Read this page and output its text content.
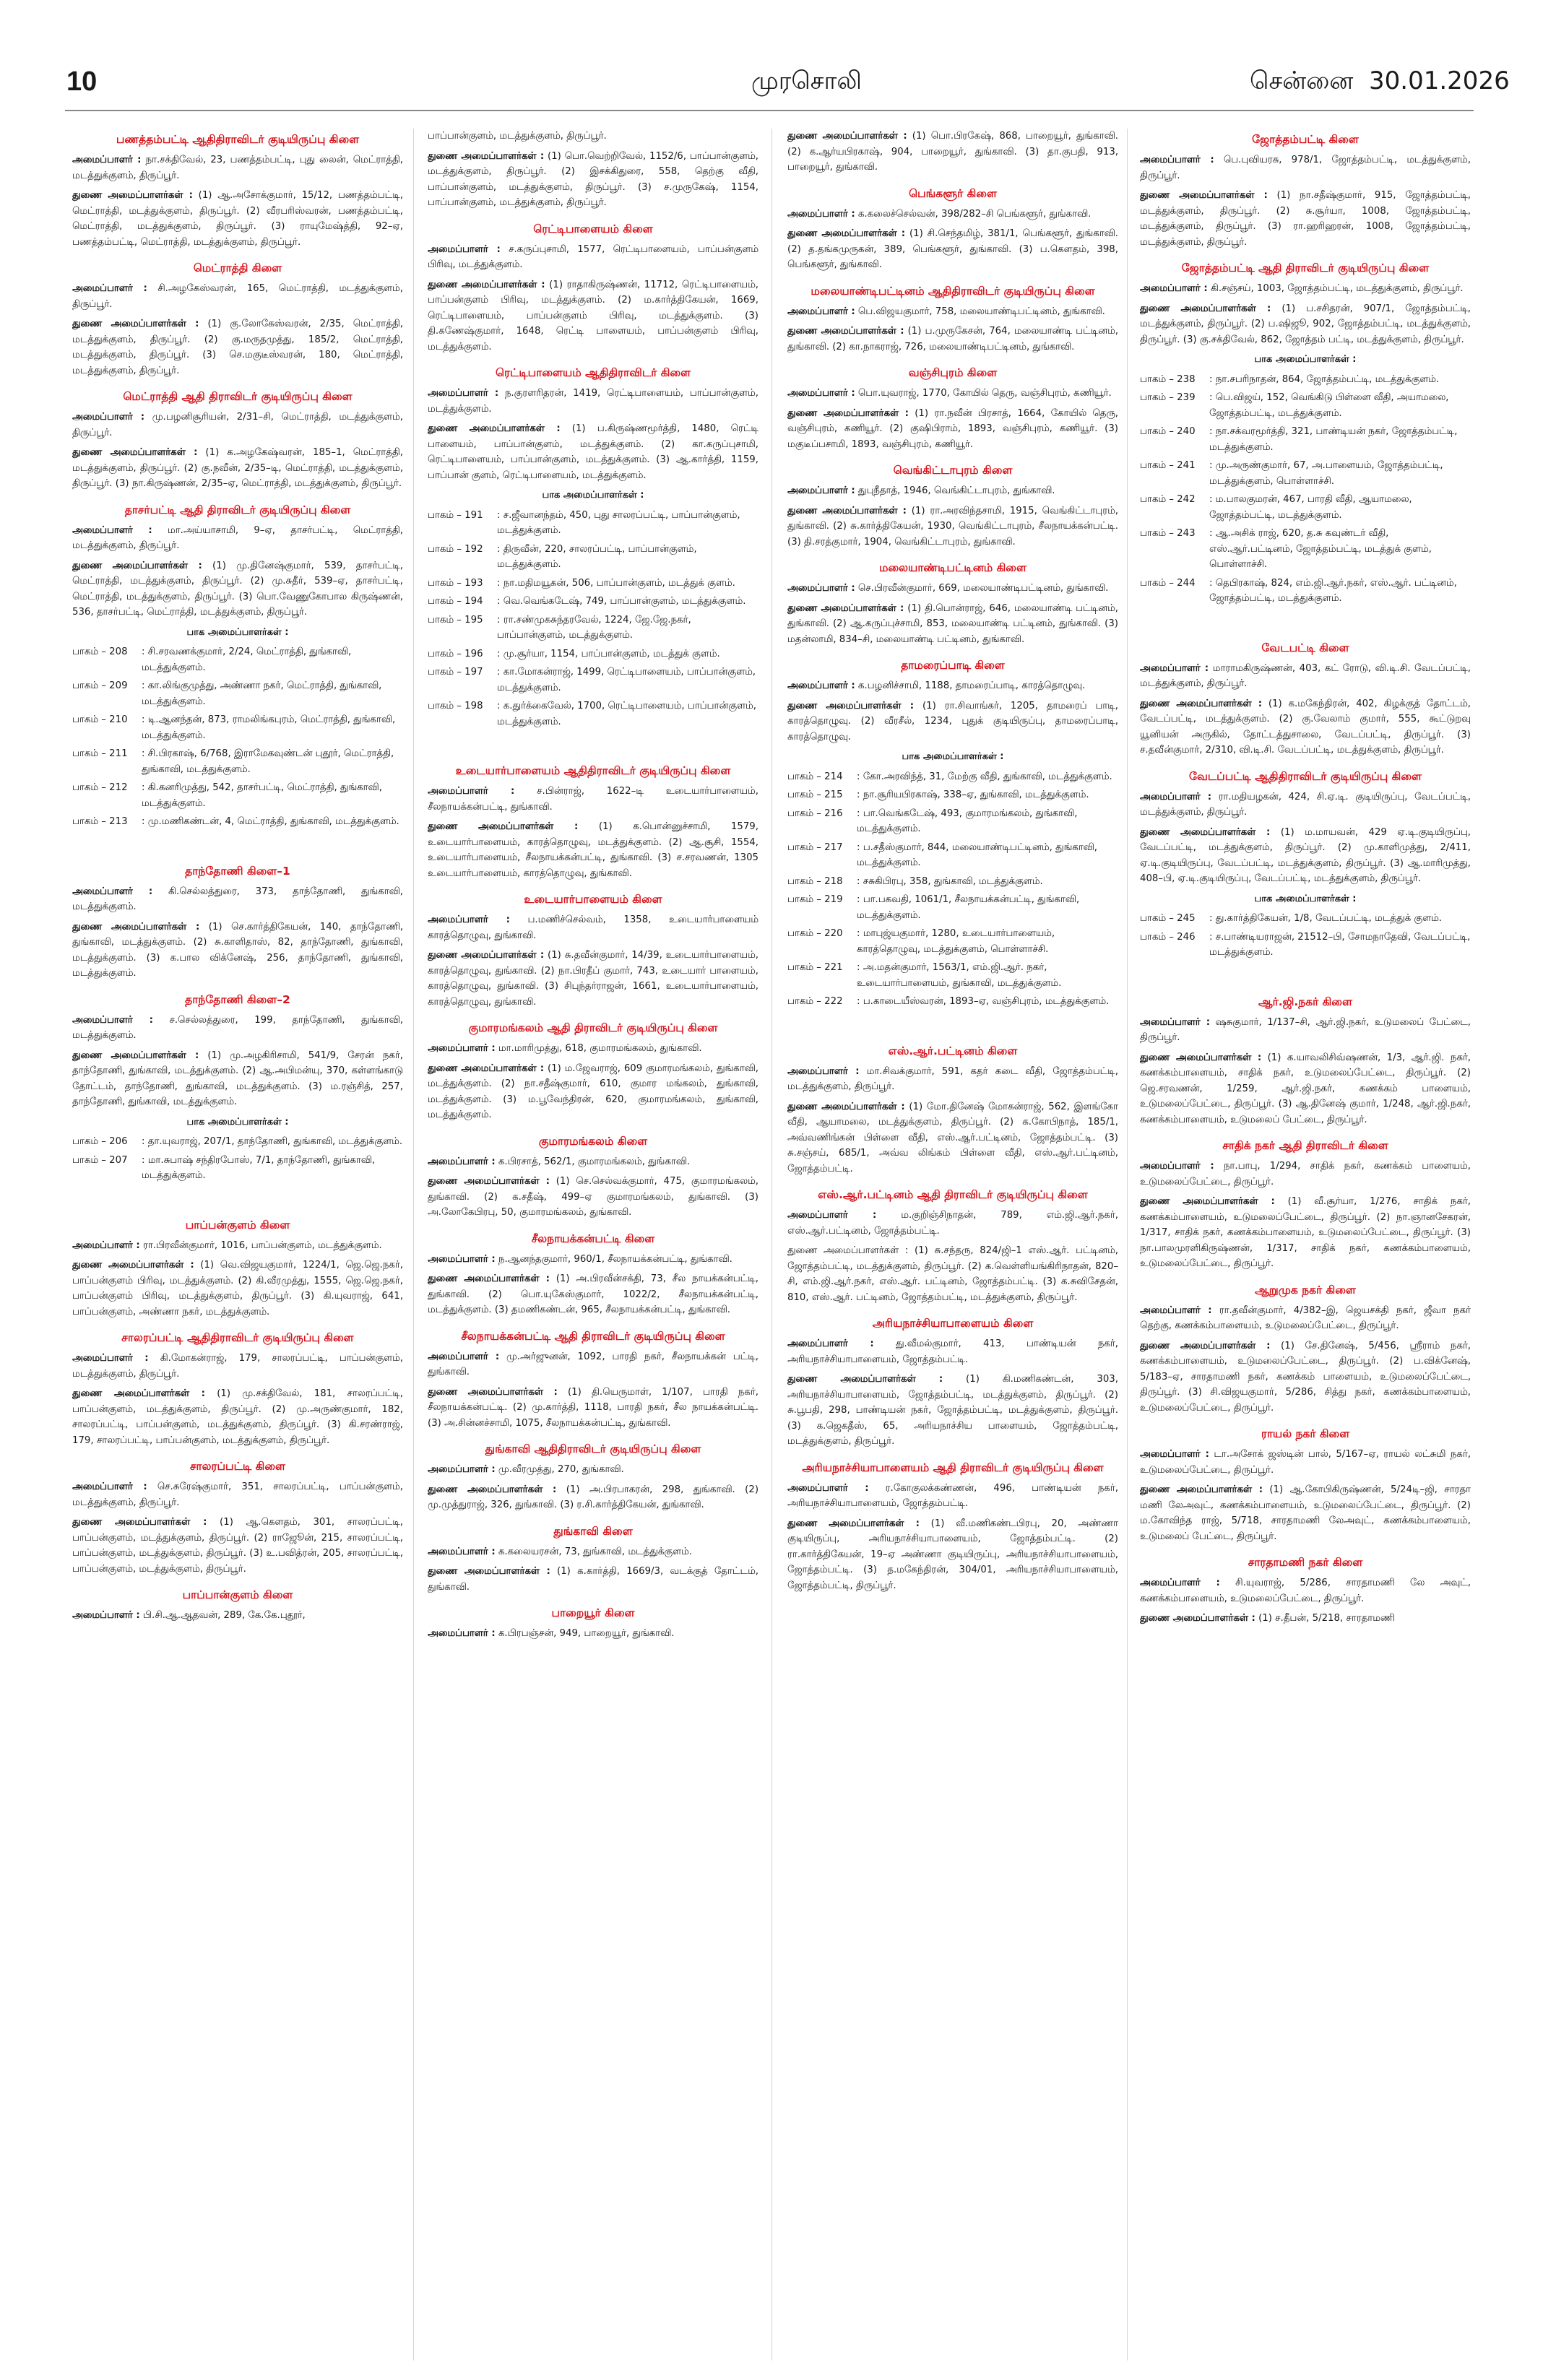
10	முரசொலி	சென்னை 30.01.2026
பணத்தம்பட்டி ஆதிதிராவிடர் குடியிருப்பு கிளை
அமைப்பாளர் : நா.சக்திவேல், 23, பணத்தம்பட்டி, புது லைன், மெட்ராத்தி, மடத்துக்குளம், திருப்பூர்.
துணை அமைப்பாளர்கள் : (1) ஆ.அசோக்குமார், 15/12, பணத்தம்பட்டி, மெட்ராத்தி, மடத்துக்குளம், திருப்பூர். (2) வீரபரிஸ்வரன், பணத்தம்பட்டி, மெட்ராத்தி, மடத்துக்குளம், திருப்பூர். (3) ராயுமேஷ்த்தி, 92–ஏ, பணத்தம்பட்டி, மெட்ராத்தி, மடத்துக்குளம், திருப்பூர்.
மெட்ராத்தி கிளை
அமைப்பாளர் : சி.அழகேஸ்வரன், 165, மெட்ராத்தி, மடத்துக்குளம், திருப்பூர்.
துணை அமைப்பாளர்கள் : (1) கு.லோகேஸ்வரன், 2/35, மெட்ராத்தி, மடத்துக்குளம், திருப்பூர். (2) கு.மருதமுத்து, 185/2, மெட்ராத்தி, மடத்துக்குளம், திருப்பூர். (3) செ.மகுடீஸ்வரன், 180, மெட்ராத்தி, மடத்துக்குளம், திருப்பூர்.
மெட்ராத்தி ஆதி திராவிடர் குடியிருப்பு கிளை
அமைப்பாளர் : மு.பழனிசூரியன், 2/31–சி, மெட்ராத்தி, மடத்துக்குளம், திருப்பூர்.
துணை அமைப்பாளர்கள் : (1) க.அழகேஷ்வரன், 185–1, மெட்ராத்தி, மடத்துக்குளம், திருப்பூர். (2) கு.நவீன், 2/35–டி, மெட்ராத்தி, மடத்துக்குளம், திருப்பூர். (3) நா.கிருஷ்ணன், 2/35–ஏ, மெட்ராத்தி, மடத்துக்குளம், திருப்பூர்.
தாசர்பட்டி ஆதி திராவிடர் குடியிருப்பு கிளை
அமைப்பாளர் : மா.அய்யாசாமி, 9–ஏ, தாசர்பட்டி, மெட்ராத்தி, மடத்துக்குளம், திருப்பூர்.
துணை அமைப்பாளர்கள் : (1) மு.தினேஷ்குமார், 539, தாசர்பட்டி, மெட்ராத்தி, மடத்துக்குளம், திருப்பூர். (2) மு.சுதீர், 539–ஏ, தாசர்பட்டி, மெட்ராத்தி, மடத்துக்குளம், திருப்பூர். (3) பொ.வேணுகோபால கிருஷ்ணன், 536, தாசர்பட்டி, மெட்ராத்தி, மடத்துக்குளம், திருப்பூர்.
பாக அமைப்பாளர்கள் :
பாகம் – 208	: சி.சரவணக்குமார், 2/24, மெட்ராத்தி, துங்காவி, மடத்துக்குளம்.
பாகம் – 209	: கா.லிங்குமுத்து, அண்ணா நகர், மெட்ராத்தி, துங்காவி, மடத்துக்குளம்.
பாகம் – 210	: டி.ஆனந்தன், 873, ராமலிங்கபுரம், மெட்ராத்தி, துங்காவி, மடத்துக்குளம்.
பாகம் – 211	: சி.பிரகாஷ், 6/768, இராமேகவுண்டன் புதூர், மெட்ராத்தி, துங்காவி, மடத்துக்குளம்.
பாகம் – 212	: கி.கனரிமுத்து, 542, தாசர்பட்டி, மெட்ராத்தி, துங்காவி, மடத்துக்குளம்.
பாகம் – 213	: மு.மணிகண்டன், 4, மெட்ராத்தி, துங்காவி, மடத்துக்குளம்.
தாந்தோணி கிளை–1
அமைப்பாளர் : கி.செல்லத்துரை, 373, தாந்தோணி, துங்காவி, மடத்துக்குளம்.
துணை அமைப்பாளர்கள் : (1) செ.கார்த்திகேயன், 140, தாந்தோணி, துங்காவி, மடத்துக்குளம். (2) சு.காளிதாஸ், 82, தாந்தோணி, துங்காவி, மடத்துக்குளம். (3) க.பால விக்னேஷ், 256, தாந்தோணி, துங்காவி, மடத்துக்குளம்.
தாந்தோணி கிளை–2
அமைப்பாளர் : ச.செல்லத்துரை, 199, தாந்தோணி, துங்காவி, மடத்துக்குளம்.
துணை அமைப்பாளர்கள் : (1) மு.அழகிரிசாமி, 541/9, சேரன் நகர், தாந்தோணி, துங்காவி, மடத்துக்குளம். (2) ஆ.அபிமன்யு, 370, கள்ளங்காடு தோட்டம், தாந்தோணி, துங்காவி, மடத்துக்குளம். (3) ம.ரஞ்சித், 257, தாந்தோணி, துங்காவி, மடத்துக்குளம்.
பாக அமைப்பாளர்கள் :
பாகம் – 206	: தா.யுவராஜ், 207/1, தாந்தோணி, துங்காவி, மடத்துக்குளம்.
பாகம் – 207	: மா.சுபாஷ் சந்திரபோஸ், 7/1, தாந்தோணி, துங்காவி, மடத்துக்குளம்.
பாப்பன்குளம் கிளை
அமைப்பாளர் : ரா.பிரவீன்குமார், 1016, பாப்பன்குளம், மடத்துக்குளம்.
துணை அமைப்பாளர்கள் : (1) வெ.விஜயகுமார், 1224/1, ஜெ.ஜெ.நகர், பாப்பன்குளம் பிரிவு, மடத்துக்குளம். (2) கி.வீரமுத்து, 1555, ஜெ.ஜெ.நகர், பாப்பன்குளம் பிரிவு, மடத்துக்குளம், திருப்பூர். (3) கி.யுவராஜ், 641, பாப்பன்குளம், அண்ணா நகர், மடத்துக்குளம்.
சாலரப்பட்டி ஆதிதிராவிடர் குடியிருப்பு கிளை
அமைப்பாளர் : கி.மோகன்ராஜ், 179, சாலரப்பட்டி, பாப்பன்குளம், மடத்துக்குளம், திருப்பூர்.
துணை அமைப்பாளர்கள் : (1) மு.சக்திவேல், 181, சாலரப்பட்டி, பாப்பன்குளம், மடத்துக்குளம், திருப்பூர். (2) மு.அருண்குமார், 182, சாலரப்பட்டி, பாப்பன்குளம், மடத்துக்குளம், திருப்பூர். (3) கி.சரண்ராஜ், 179, சாலரப்பட்டி, பாப்பன்குளம், மடத்துக்குளம், திருப்பூர்.
சாலரப்பட்டி கிளை
அமைப்பாளர் : செ.சுரேஷ்குமார், 351, சாலரப்பட்டி, பாப்பன்குளம், மடத்துக்குளம், திருப்பூர்.
துணை அமைப்பாளர்கள் : (1) ஆ.கௌதம், 301, சாலரப்பட்டி, பாப்பன்குளம், மடத்துக்குளம், திருப்பூர். (2) ராஜூேன், 215, சாலரப்பட்டி, பாப்பன்குளம், மடத்துக்குளம், திருப்பூர். (3) உ.பவித்ரன், 205, சாலரப்பட்டி, பாப்பன்குளம், மடத்துக்குளம், திருப்பூர்.
பாப்பான்குளம் கிளை
அமைப்பாளர் : பி.சி.ஆ.ஆதவன், 289, கே.கே.புதூர்,
பாப்பான்குளம், மடத்துக்குளம், திருப்பூர்.
துணை அமைப்பாளர்கள் : (1) பொ.வெற்றிவேல், 1152/6, பாப்பான்குளம், மடத்துக்குளம், திருப்பூர். (2) இசக்கிதுரை, 558, தெற்கு வீதி, பாப்பான்குளம், மடத்துக்குளம், திருப்பூர். (3) ச.முருகேஷ், 1154, பாப்பான்குளம், மடத்துக்குளம், திருப்பூர்.
ரெட்டிபாளையம் கிளை
அமைப்பாளர் : ச.கருப்புசாமி, 1577, ரெட்டிபாளையம், பாப்பன்குளம் பிரிவு, மடத்துக்குளம்.
துணை அமைப்பாளர்கள் : (1) ராதாகிருஷ்ணன், 11712, ரெட்டிபாளையம், பாப்பன்குளம் பிரிவு, மடத்துக்குளம். (2) ம.கார்த்திகேயன், 1669, ரெட்டிபாளையம், பாப்பன்குளம் பிரிவு, மடத்துக்குளம். (3) தி.கணேஷ்குமார், 1648, ரெட்டி பாளையம், பாப்பன்குளம் பிரிவு, மடத்துக்குளம்.
ரெட்டிபாளையம் ஆதிதிராவிடர் கிளை
அமைப்பாளர் : ந.குரளரிதரன், 1419, ரெட்டிபாளையம், பாப்பான்குளம், மடத்துக்குளம்.
துணை அமைப்பாளர்கள் : (1) ப.கிருஷ்ணமூர்த்தி, 1480, ரெட்டி பாளையம், பாப்பான்குளம், மடத்துக்குளம். (2) கா.கருப்புசாமி, ரெட்டிபாளையம், பாப்பான்குளம், மடத்துக்குளம். (3) ஆ.கார்த்தி, 1159, பாப்பான் குளம், ரெட்டிபாளையம், மடத்துக்குளம்.
பாக அமைப்பாளர்கள் :
பாகம் – 191	: ச.ஜீவானந்தம், 450, புது சாலரப்பட்டி, பாப்பான்குளம், மடத்துக்குளம்.
பாகம் – 192	: திருவீன், 220, சாலரப்பட்டி, பாப்பான்குளம், மடத்துக்குளம்.
பாகம் – 193	: நா.மதிமயூகன், 506, பாப்பான்குளம், மடத்துக் குளம்.
பாகம் – 194	: வெ.வெங்கடேஷ், 749, பாப்பான்குளம், மடத்துக்குளம்.
பாகம் – 195	: ரா.சண்முகசுந்தரவேல், 1224, ஜே.ஜே.நகர், பாப்பான்குளம், மடத்துக்குளம்.
பாகம் – 196	: மு.சூர்யா, 1154, பாப்பான்குளம், மடத்துக் குளம்.
பாகம் – 197	: கா.மோகன்ராஜ், 1499, ரெட்டிபாளையம், பாப்பான்குளம், மடத்துக்குளம்.
பாகம் – 198	: க.துர்க்கைவேல், 1700, ரெட்டிபாளையம், பாப்பான்குளம், மடத்துக்குளம்.
உடையார்பாளையம் ஆதிதிராவிடர் குடியிருப்பு கிளை
அமைப்பாளர் : ச.பின்ராஜ், 1622–டி உடையார்பாளையம், சீலநாயக்கன்பட்டி, துங்காவி.
துணை அமைப்பாளர்கள் : (1) க.பொன்னுச்சாமி, 1579, உடையார்பாளையம், காரத்தொழுவு, மடத்துக்குளம். (2) ஆ.சூசி, 1554, உடையார்பாளையம், சீலநாயக்கன்பட்டி, துங்காவி. (3) ச.சரவணன், 1305 உடையார்பாளையம், காரத்தொழுவு, துங்காவி.
உடையார்பாளையம் கிளை
அமைப்பாளர் : ப.மணிச்செல்வம், 1358, உடையார்பாளையம் காரத்தொழுவு, துங்காவி.
துணை அமைப்பாளர்கள் : (1) சு.தவீன்குமார், 14/39, உடையார்பாளையம், காரத்தொழுவு, துங்காவி. (2) நா.பிரதீப் குமார், 743, உடையார் பாளையம், காரத்தொழுவு, துங்காவி. (3) சிபுந்தர்ராஜன், 1661, உடையார்பாளையம், காரத்தொழுவு, துங்காவி.
குமாரமங்கலம் ஆதி திராவிடர் குடியிருப்பு கிளை
அமைப்பாளர் : மா.மாரிமுத்து, 618, குமாரமங்கலம், துங்காவி.
துணை அமைப்பாளர்கள் : (1) ம.ஜேவராஜ், 609 குமாரமங்கலம், துங்காவி, மடத்துக்குளம். (2) நா.சதீஷ்குமார், 610, குமார மங்கலம், துங்காவி, மடத்துக்குளம். (3) ம.பூவேந்திரன், 620, குமாரமங்கலம், துங்காவி, மடத்துக்குளம்.
குமாரமங்கலம் கிளை
அமைப்பாளர் : க.பிரசாத், 562/1, குமாரமங்கலம், துங்காவி.
துணை அமைப்பாளர்கள் : (1) செ.செல்வக்குமார், 475, குமாரமங்கலம், துங்காவி. (2) க.சதீஷ், 499–ஏ குமாரமங்கலம், துங்காவி. (3) அ.லோகேபிரபு, 50, குமாரமங்கலம், துங்காவி.
சீலநாயக்கன்பட்டி கிளை
அமைப்பாளர் : ந.ஆனந்தகுமார், 960/1, சீலநாயக்கன்பட்டி, துங்காவி.
துணை அமைப்பாளர்கள் : (1) அ.பிரவீன்சக்தி, 73, சீல நாயக்கன்பட்டி, துங்காவி. (2) பொ.யுகேஸ்குமார், 1022/2, சீலநாயக்கன்பட்டி, மடத்துக்குளம். (3) தமணிகண்டன், 965, சீலநாயக்கன்பட்டி, துங்காவி.
சீலநாயக்கன்பட்டி ஆதி திராவிடர் குடியிருப்பு கிளை
அமைப்பாளர் : மு.அர்ஜுனன், 1092, பாரதி நகர், சீலநாயக்கன் பட்டி, துங்காவி.
துணை அமைப்பாளர்கள் : (1) தி.யெருமாள், 1/107, பாரதி நகர், சீலநாயக்கன்பட்டி. (2) மு.கார்த்தி, 1118, பாரதி நகர், சீல நாயக்கன்பட்டி. (3) அ.சின்னச்சாமி, 1075, சீலநாயக்கன்பட்டி, துங்காவி.
துங்காவி ஆதிதிராவிடர் குடியிருப்பு கிளை
அமைப்பாளர் : மு.வீரமுத்து, 270, துங்காவி.
துணை அமைப்பாளர்கள் : (1) அ.பிரபாகரன், 298, துங்காவி. (2) மு.முத்துராஜ், 326, துங்காவி. (3) ர.சி.கார்த்திகேயன், துங்காவி.
துங்காவி கிளை
அமைப்பாளர் : க.கலையரசன், 73, துங்காவி, மடத்துக்குளம்.
துணை அமைப்பாளர்கள் : (1) க.கார்த்தி, 1669/3, வடக்குத் தோட்டம், துங்காவி.
பாறையூர் கிளை
அமைப்பாளர் : க.பிரபஞ்சன், 949, பாறையூர், துங்காவி.
துணை அமைப்பாளர்கள் : (1) பொ.பிரகேஷ், 868, பாறையூர், துங்காவி. (2) க.ஆர்யபிரகாஷ், 904, பாறையூர், துங்காவி. (3) தா.குபதி, 913, பாறையூர், துங்காவி.
பெங்களூர் கிளை
அமைப்பாளர் : க.கலைச்செல்வன், 398/282–சி பெங்களூர், துங்காவி.
துணை அமைப்பாளர்கள் : (1) சி.செந்தமிழ், 381/1, பெங்களூர், துங்காவி. (2) த.தங்கமுருகன், 389, பெங்களூர், துங்காவி. (3) ப.கௌதம், 398, பெங்களூர், துங்காவி.
மலையாண்டிபட்டினம் ஆதிதிராவிடர் குடியிருப்பு கிளை
அமைப்பாளர் : பெ.விஜயகுமார், 758, மலையாண்டிபட்டினம், துங்காவி.
துணை அமைப்பாளர்கள் : (1) ப.முருகேசன், 764, மலையாண்டி பட்டினம், துங்காவி. (2) கா.நாகராஜ், 726, மலையாண்டிபட்டினம், துங்காவி.
வஞ்சிபுரம் கிளை
அமைப்பாளர் : பொ.யுவராஜ், 1770, கோயில் தெரு, வஞ்சிபுரம், கணியூர்.
துணை அமைப்பாளர்கள் : (1) ரா.நவீன் பிரசாத், 1664, கோயில் தெரு, வஞ்சிபுரம், கணியூர். (2) குஷிபிராம், 1893, வஞ்சிபுரம், கணியூர். (3) மகுடீப்பசாமி, 1893, வஞ்சிபுரம், கணியூர்.
வெங்கிட்டாபுரம் கிளை
அமைப்பாளர் : துபுநீதாத், 1946, வெங்கிட்டாபுரம், துங்காவி.
துணை அமைப்பாளர்கள் : (1) ரா.அரவிந்தசாமி, 1915, வெங்கிட்டாபுரம், துங்காவி. (2) சு.கார்த்திகேயன், 1930, வெங்கிட்டாபுரம், சீலநாயக்கன்பட்டி. (3) தி.சரத்குமார், 1904, வெங்கிட்டாபுரம், துங்காவி.
மலையாண்டிபட்டினம் கிளை
அமைப்பாளர் : செ.பிரவீன்குமார், 669, மலையாண்டிபட்டினம், துங்காவி.
துணை அமைப்பாளர்கள் : (1) தி.பொன்ராஜ், 646, மலையாண்டி பட்டினம், துங்காவி. (2) ஆ.கருப்புச்சாமி, 853, மலையாண்டி பட்டினம், துங்காவி. (3) மதன்லாமி, 834–சி, மலையாண்டி பட்டினம், துங்காவி.
தாமரைப்பாடி கிளை
அமைப்பாளர் : க.பழனிச்சாமி, 1188, தாமரைப்பாடி, காரத்தொழுவு.
துணை அமைப்பாளர்கள் : (1) ரா.சிவாங்கர், 1205, தாமரைப் பாடி, காரத்தொழுவு. (2) வீரசீல், 1234, புதுக் குடியிருப்பு, தாமரைப்பாடி, காரத்தொழுவு.
பாக அமைப்பாளர்கள் :
பாகம் – 214	: கோ.அரவிந்த், 31, மேற்கு வீதி, துங்காவி, மடத்துக்குளம்.
பாகம் – 215	: நா.சூரியபிரகாஷ், 338–ஏ, துங்காவி, மடத்துக்குளம்.
பாகம் – 216	: பா.வெங்கடேஷ், 493, குமாரமங்கலம், துங்காவி, மடத்துக்குளம்.
பாகம் – 217	: ப.சதீஸ்குமார், 844, மலையாண்டிபட்டினம், துங்காவி, மடத்துக்குளம்.
பாகம் – 218	: சசுகிபிரபு, 358, துங்காவி, மடத்துக்குளம்.
பாகம் – 219	: பா.பகவதி, 1061/1, சீலநாயக்கன்பட்டி, துங்காவி, மடத்துக்குளம்.
பாகம் – 220	: மாபுஜ்யகுமார், 1280, உடையார்பாளையம், காரத்தொழுவு, மடத்துக்குளம், பொள்ளாச்சி.
பாகம் – 221	: அ.மதன்குமார், 1563/1, எம்.ஜி.ஆர். நகர், உடையார்பாளையம், துங்காவி, மடத்துக்குளம்.
பாகம் – 222	: ப.காடையீஸ்வரன், 1893–ஏ, வஞ்சிபுரம், மடத்துக்குளம்.
எஸ்.ஆர்.பட்டினம் கிளை
அமைப்பாளர் : மா.சிவக்குமார், 591, கதர் கடை வீதி, ஜோத்தம்பட்டி, மடத்துக்குளம், திருப்பூர்.
துணை அமைப்பாளர்கள் : (1) மோ.தினேஷ் மோகன்ராஜ், 562, இளங்கோ வீதி, ஆயாமலை, மடத்துக்குளம், திருப்பூர். (2) க.கோபிநாத், 185/1, அவ்வணிங்கன் பிள்ளை வீதி, எஸ்.ஆர்.பட்டினம், ஜோத்தம்பட்டி. (3) சு.சஞ்சய், 685/1, அவ்வ லிங்கம் பிள்ளை வீதி, எஸ்.ஆர்.பட்டினம், ஜோத்தம்பட்டி.
எஸ்.ஆர்.பட்டினம் ஆதி திராவிடர் குடியிருப்பு கிளை
அமைப்பாளர் : ம.குறிஞ்சிநாதன், 789, எம்.ஜி.ஆர்.நகர், எஸ்.ஆர்.பட்டினம், ஜோத்தம்பட்டி.
துணை அமைப்பாளர்கள் : (1) சு.சந்தரு, 824/ஜி–1 எஸ்.ஆர். பட்டினம், ஜோத்தம்பட்டி, மடத்துக்குளம், திருப்பூர். (2) க.வெள்ளியங்கிரிநாதன், 820–சி, எம்.ஜி.ஆர்.நகர், எஸ்.ஆர். பட்டினம், ஜோத்தம்பட்டி. (3) க.சுவிசேதன், 810, எஸ்.ஆர். பட்டினம், ஜோத்தம்பட்டி, மடத்துக்குளம், திருப்பூர்.
அரியநாச்சியாபாளையம் கிளை
அமைப்பாளர் : து.வீமல்குமார், 413, பாண்டியன் நகர், அரியநாச்சியாபாளையம், ஜோத்தம்பட்டி.
துணை அமைப்பாளர்கள் : (1) கி.மணிகண்டன், 303, அரியநாச்சியாபாளையம், ஜோத்தம்பட்டி, மடத்துக்குளம், திருப்பூர். (2) சு.பூபதி, 298, பாண்டியன் நகர், ஜோத்தம்பட்டி, மடத்துக்குளம், திருப்பூர். (3) க.ஜெகதீஸ், 65, அரியநாச்சிய பாளையம், ஜோத்தம்பட்டி, மடத்துக்குளம், திருப்பூர்.
அரியநாச்சியாபாளையம் ஆதி திராவிடர் குடியிருப்பு கிளை
அமைப்பாளர் : ர.கோகுலக்கண்ணன், 496, பாண்டியன் நகர், அரியநாச்சியாபாளையம், ஜோத்தம்பட்டி.
துணை அமைப்பாளர்கள் : (1) வீ.மணிகண்டபிரபு, 20, அண்ணா குடியிருப்பு, அரியநாச்சியாபாளையம், ஜோத்தம்பட்டி. (2) ரா.கார்த்திகேயன், 19–ஏ அண்ணா குடியிருப்பு, அரியநாச்சியாபாளையம், ஜோத்தம்பட்டி. (3) த.மகேந்திரன், 304/01, அரியநாச்சியாபாளையம், ஜோத்தம்பட்டி, திருப்பூர்.
ஜோத்தம்பட்டி கிளை
அமைப்பாளர் : பெ.புவியரசு, 978/1, ஜோத்தம்பட்டி, மடத்துக்குளம், திருப்பூர்.
துணை அமைப்பாளர்கள் : (1) நா.சதீஷ்குமார், 915, ஜோத்தம்பட்டி, மடத்துக்குளம், திருப்பூர். (2) சு.சூர்யா, 1008, ஜோத்தம்பட்டி, மடத்துக்குளம், திருப்பூர். (3) ரா.ஹரிஹரன், 1008, ஜோத்தம்பட்டி, மடத்துக்குளம், திருப்பூர்.
ஜோத்தம்பட்டி ஆதி திராவிடர் குடியிருப்பு கிளை
அமைப்பாளர் : கி.சஞ்சய், 1003, ஜோத்தம்பட்டி, மடத்துக்குளம், திருப்பூர்.
துணை அமைப்பாளர்கள் : (1) ப.சசிதரன், 907/1, ஜோத்தம்பட்டி, மடத்துக்குளம், திருப்பூர். (2) ப.ஷிஜூ, 902, ஜோத்தம்பட்டி, மடத்துக்குளம், திருப்பூர். (3) கு.சக்திவேல், 862, ஜோத்தம் பட்டி, மடத்துக்குளம், திருப்பூர்.
பாக அமைப்பாளர்கள் :
பாகம் – 238	: நா.சபரிநாதன், 864, ஜோத்தம்பட்டி, மடத்துக்குளம்.
பாகம் – 239	: பெ.விஜய், 152, வெங்கிடு பிள்ளை வீதி, அயாமலை, ஜோத்தம்பட்டி, மடத்துக்குளம்.
பாகம் – 240	: நா.சக்வரமூர்த்தி, 321, பாண்டியன் நகர், ஜோத்தம்பட்டி, மடத்துக்குளம்.
பாகம் – 241	: மு.அருண்குமார், 67, அ.பாளையம், ஜோத்தம்பட்டி, மடத்துக்குளம், பொள்ளாச்சி.
பாகம் – 242	: ம.பாலகுமரன், 467, பாரதி வீதி, ஆயாமலை, ஜோத்தம்பட்டி, மடத்துக்குளம்.
பாகம் – 243	: ஆ.அசிக் ராஜ், 620, த.சு கவுண்டர் வீதி, எஸ்.ஆர்.பட்டினம், ஜோத்தம்பட்டி, மடத்துக் குளம், பொள்ளாச்சி.
பாகம் – 244	: தெபிரகாஷ், 824, எம்.ஜி.ஆர்.நகர், எஸ்.ஆர். பட்டினம், ஜோத்தம்பட்டி, மடத்துக்குளம்.
வேடபட்டி கிளை
அமைப்பாளர் : மாராமகிருஷ்ணன், 403, கட் ரோடு, வி.டி.சி. வேடப்பட்டி, மடத்துக்குளம், திருப்பூர்.
துணை அமைப்பாளர்கள் : (1) க.மகேந்திரன், 402, கிழக்குத் தோட்டம், வேடப்பட்டி, மடத்துக்குளம். (2) கு.வேலாம் குமார், 555, கூட்டுறவு யூனியன் அருகில், தோட்டத்துசாலை, வேடப்பட்டி, திருப்பூர். (3) ச.தவீன்குமார், 2/310, வி.டி.சி. வேடப்பட்டி, மடத்துக்குளம், திருப்பூர்.
வேடப்பட்டி ஆதிதிராவிடர் குடியிருப்பு கிளை
அமைப்பாளர் : ரா.மதியழகன், 424, சி.ஏ.டி. குடியிருப்பு, வேடப்பட்டி, மடத்துக்குளம், திருப்பூர்.
துணை அமைப்பாளர்கள் : (1) ம.மாயவன், 429 ஏ.டி.குடியிருப்பு, வேடப்பட்டி, மடத்துக்குளம், திருப்பூர். (2) மு.காளிமுத்து, 2/411, ஏ.டி.குடியிருப்பு, வேடப்பட்டி, மடத்துக்குளம், திருப்பூர். (3) ஆ.மாரிமுத்து, 408–பி, ஏ.டி.குடியிருப்பு, வேடப்பட்டி, மடத்துக்குளம், திருப்பூர்.
பாக அமைப்பாளர்கள் :
பாகம் – 245	: து.கார்த்திகேயன், 1/8, வேடப்பட்டி, மடத்துக் குளம்.
பாகம் – 246	: ச.பாண்டியராஜன், 21512–பி, சோமநாதேவி, வேடப்பட்டி, மடத்துக்குளம்.
ஆர்.ஜி.நகர் கிளை
அமைப்பாளர் : ஷசுகுமார், 1/137–சி, ஆர்.ஜி.நகர், உடுமலைப் பேட்டை, திருப்பூர்.
துணை அமைப்பாளர்கள் : (1) க.யாவலிசிவ்ஷணன், 1/3, ஆர்.ஜி. நகர், கணக்கம்பாளையம், சாதிக் நகர், உடுமலைப்பேட்டை, திருப்பூர். (2) ஜெ.சரவணன், 1/259, ஆர்.ஜி.நகர், கணக்கம் பாளையம், உடுமலைப்பேட்டை, திருப்பூர். (3) ஆ.தினேஷ் குமார், 1/248, ஆர்.ஜி.நகர், கணக்கம்பாளையம், உடுமலைப் பேட்டை, திருப்பூர்.
சாதிக் நகர் ஆதி திராவிடர் கிளை
அமைப்பாளர் : நா.பாபு, 1/294, சாதிக் நகர், கணக்கம் பாளையம், உடுமலைப்பேட்டை, திருப்பூர்.
துணை அமைப்பாளர்கள் : (1) வீ.சூர்யா, 1/276, சாதிக் நகர், கணக்கம்பாளையம், உடுமலைப்பேட்டை, திருப்பூர். (2) நா.ஞானசேகரன், 1/317, சாதிக் நகர், கணக்கம்பாளையம், உடுமலைப்பேட்டை, திருப்பூர். (3) நா.பாலமுரளிகிருஷ்ணன், 1/317, சாதிக் நகர், கணக்கம்பாளையம், உடுமலைப்பேட்டை, திருப்பூர்.
ஆறுமுக நகர் கிளை
அமைப்பாளர் : ரா.தவீன்குமார், 4/382–இ, ஜெயசக்தி நகர், ஜீவா நகர் தெற்கு, கணக்கம்பாளையம், உடுமலைப்பேட்டை, திருப்பூர்.
துணை அமைப்பாளர்கள் : (1) சே.தினேஷ், 5/456, ஸ்ரீராம் நகர், கணக்கம்பாளையம், உடுமலைப்பேட்டை, திருப்பூர். (2) ப.விக்னேஷ், 5/183–ஏ, சாரதாமணி நகர், கணக்கம் பாளையம், உடுமலைப்பேட்டை, திருப்பூர். (3) சி.விஜயகுமார், 5/286, சித்து நகர், கணக்கம்பாளையம், உடுமலைப்பேட்டை, திருப்பூர்.
ராயல் நகர் கிளை
அமைப்பாளர் : டா.அசோக் ஜஸ்டின் பால், 5/167–ஏ, ராயல் லட்சுமி நகர், உடுமலைப்பேட்டை, திருப்பூர்.
துணை அமைப்பாளர்கள் : (1) ஆ.கோபிகிருஷ்ணன், 5/24டி–ஜி, சாரதா மணி லேஅவுட், கணக்கம்பாளையம், உடுமலைப்பேட்டை, திருப்பூர். (2) ம.கோவிந்த ராஜ், 5/718, சாரதாமணி லேஅவுட், கணக்கம்பாளையம், உடுமலைப் பேட்டை, திருப்பூர்.
சாரதாமணி நகர் கிளை
அமைப்பாளர் : சி.யுவராஜ், 5/286, சாரதாமணி லே அவுட், கணக்கம்பாளையம், உடுமலைப்பேட்டை, திருப்பூர்.
துணை அமைப்பாளர்கள் : (1) ச.தீபன், 5/218, சாரதாமணி
